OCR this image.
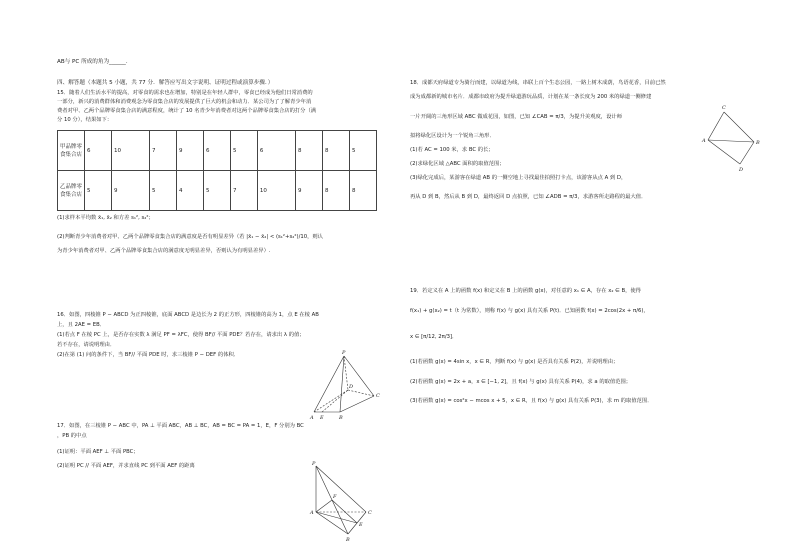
AB与 PC 所成的角为______.
四、解答题（本题共 5 小题，共 77 分．解答应写出文字说明、证明过程或演算步骤．）
15．随着人们生活水平的提高，对零食的需求也在增加，特别是在年轻人群中，零食已经成为他们日常消费的
一部分，新兴的消费群体和消费观念为零食集合店的发展提供了巨大的机会和动力．某公司为了了解青少年消
费者对甲、乙两个品牌零食集合店的满意程度，统计了 10 名青少年消费者对这两个品牌零食集合店的打分（满
分 10 分），结果如下：
甲品牌零食集合店	6	10	7	9	6	5	6	8	8	5
乙品牌零食集合店	5	9	5	4	5	7	10	9	8	8
(1)求样本平均数 x̄₁, x̄₂ 和方差 s₁², s₂²；
(2)判断青少年消费者对甲、乙两个品牌零食集合店的满意度是否有明显差异（若 |x̄₁ − x̄₂| < (s₁²+s₂²)/10，则认
为青少年消费者对甲、乙两个品牌零食集合店的满意度无明显差异，否则认为有明显差异）.
16．如图，四棱锥 P − ABCD 为正四棱锥，底面 ABCD 是边长为 2 的正方形，四棱锥的高为 1，点 E 在棱 AB
上，且 2AE = EB．
(1)若点 F 在棱 PC 上，是否存在实数 λ 满足 PF = λFC，使得 BF// 平面 PDE？若存在，请求出 λ 的值；
若不存在，请说明理由．
(2)在第 (1) 问的条件下，当 BF// 平面 PDE 时，求三棱锥 P − DEF 的体积．	P
D
C
A E	B
17．如图，在三棱锥 P − ABC 中，PA ⊥ 平面 ABC，AB ⊥ BC，AB = BC = PA = 1，E，F 分别为 BC
，PB 的中点
(1)证明：平面 AEF ⊥ 平面 PBC；
(2)证明 PC // 平面 AEF，并求直线 PC 到平面 AEF 的距离	P
F
A	C
E
B
18．成都天府绿道专为骑行而建，以绿道为线，串联上百个生态公园，一路上树木成荫，鸟语花香，目前已然
成为成都新的城市名片．成都市政府为提升绿道游玩品质，计划在某一条长度为 200 米的绿道一侧修建
一片开阔的三角形区域 ABC 做成花园，如图，已知 ∠CAB = π/3，为提升美观度，设计师
拟将绿化区设计为一个锐角三角形．
(1)若 AC = 100 米，求 BC 的长；
(2)求绿化区域 △ABC 面积的取值范围；
(3)绿化完成后，某游客在绿道 AB 的一侧空地上寻找最佳拍照打卡点，该游客从点 A 到 D，
再从 D 到 B，然后从 B 到 D，最终返回 D 点拍照，已知 ∠ADB = π/3，求游客所走路程的最大值．
C
A	B
D
19．若定义在 A 上的函数 f(x) 和定义在 B 上的函数 g(x)，对任意的 x₁ ∈ A，存在 x₂ ∈ B，使得
f(x₁) + g(x₂) = t（t 为常数），则称 f(x) 与 g(x) 具有关系 P(t)．已知函数 f(x) = 2cos(2x + π/6)，
x ∈ [π/12, 2π/3]．
(1)若函数 g(x) = 4sin x，x ∈ R，判断 f(x) 与 g(x) 是否具有关系 P(2)，并说明理由；
(2)若函数 g(x) = 2x + a，x ∈ [−1, 2]，且 f(x) 与 g(x) 具有关系 P(4)，求 a 的取值范围；
(3)若函数 g(x) = cos²x − mcos x + 5，x ∈ R，且 f(x) 与 g(x) 具有关系 P(3)，求 m 的取值范围．
